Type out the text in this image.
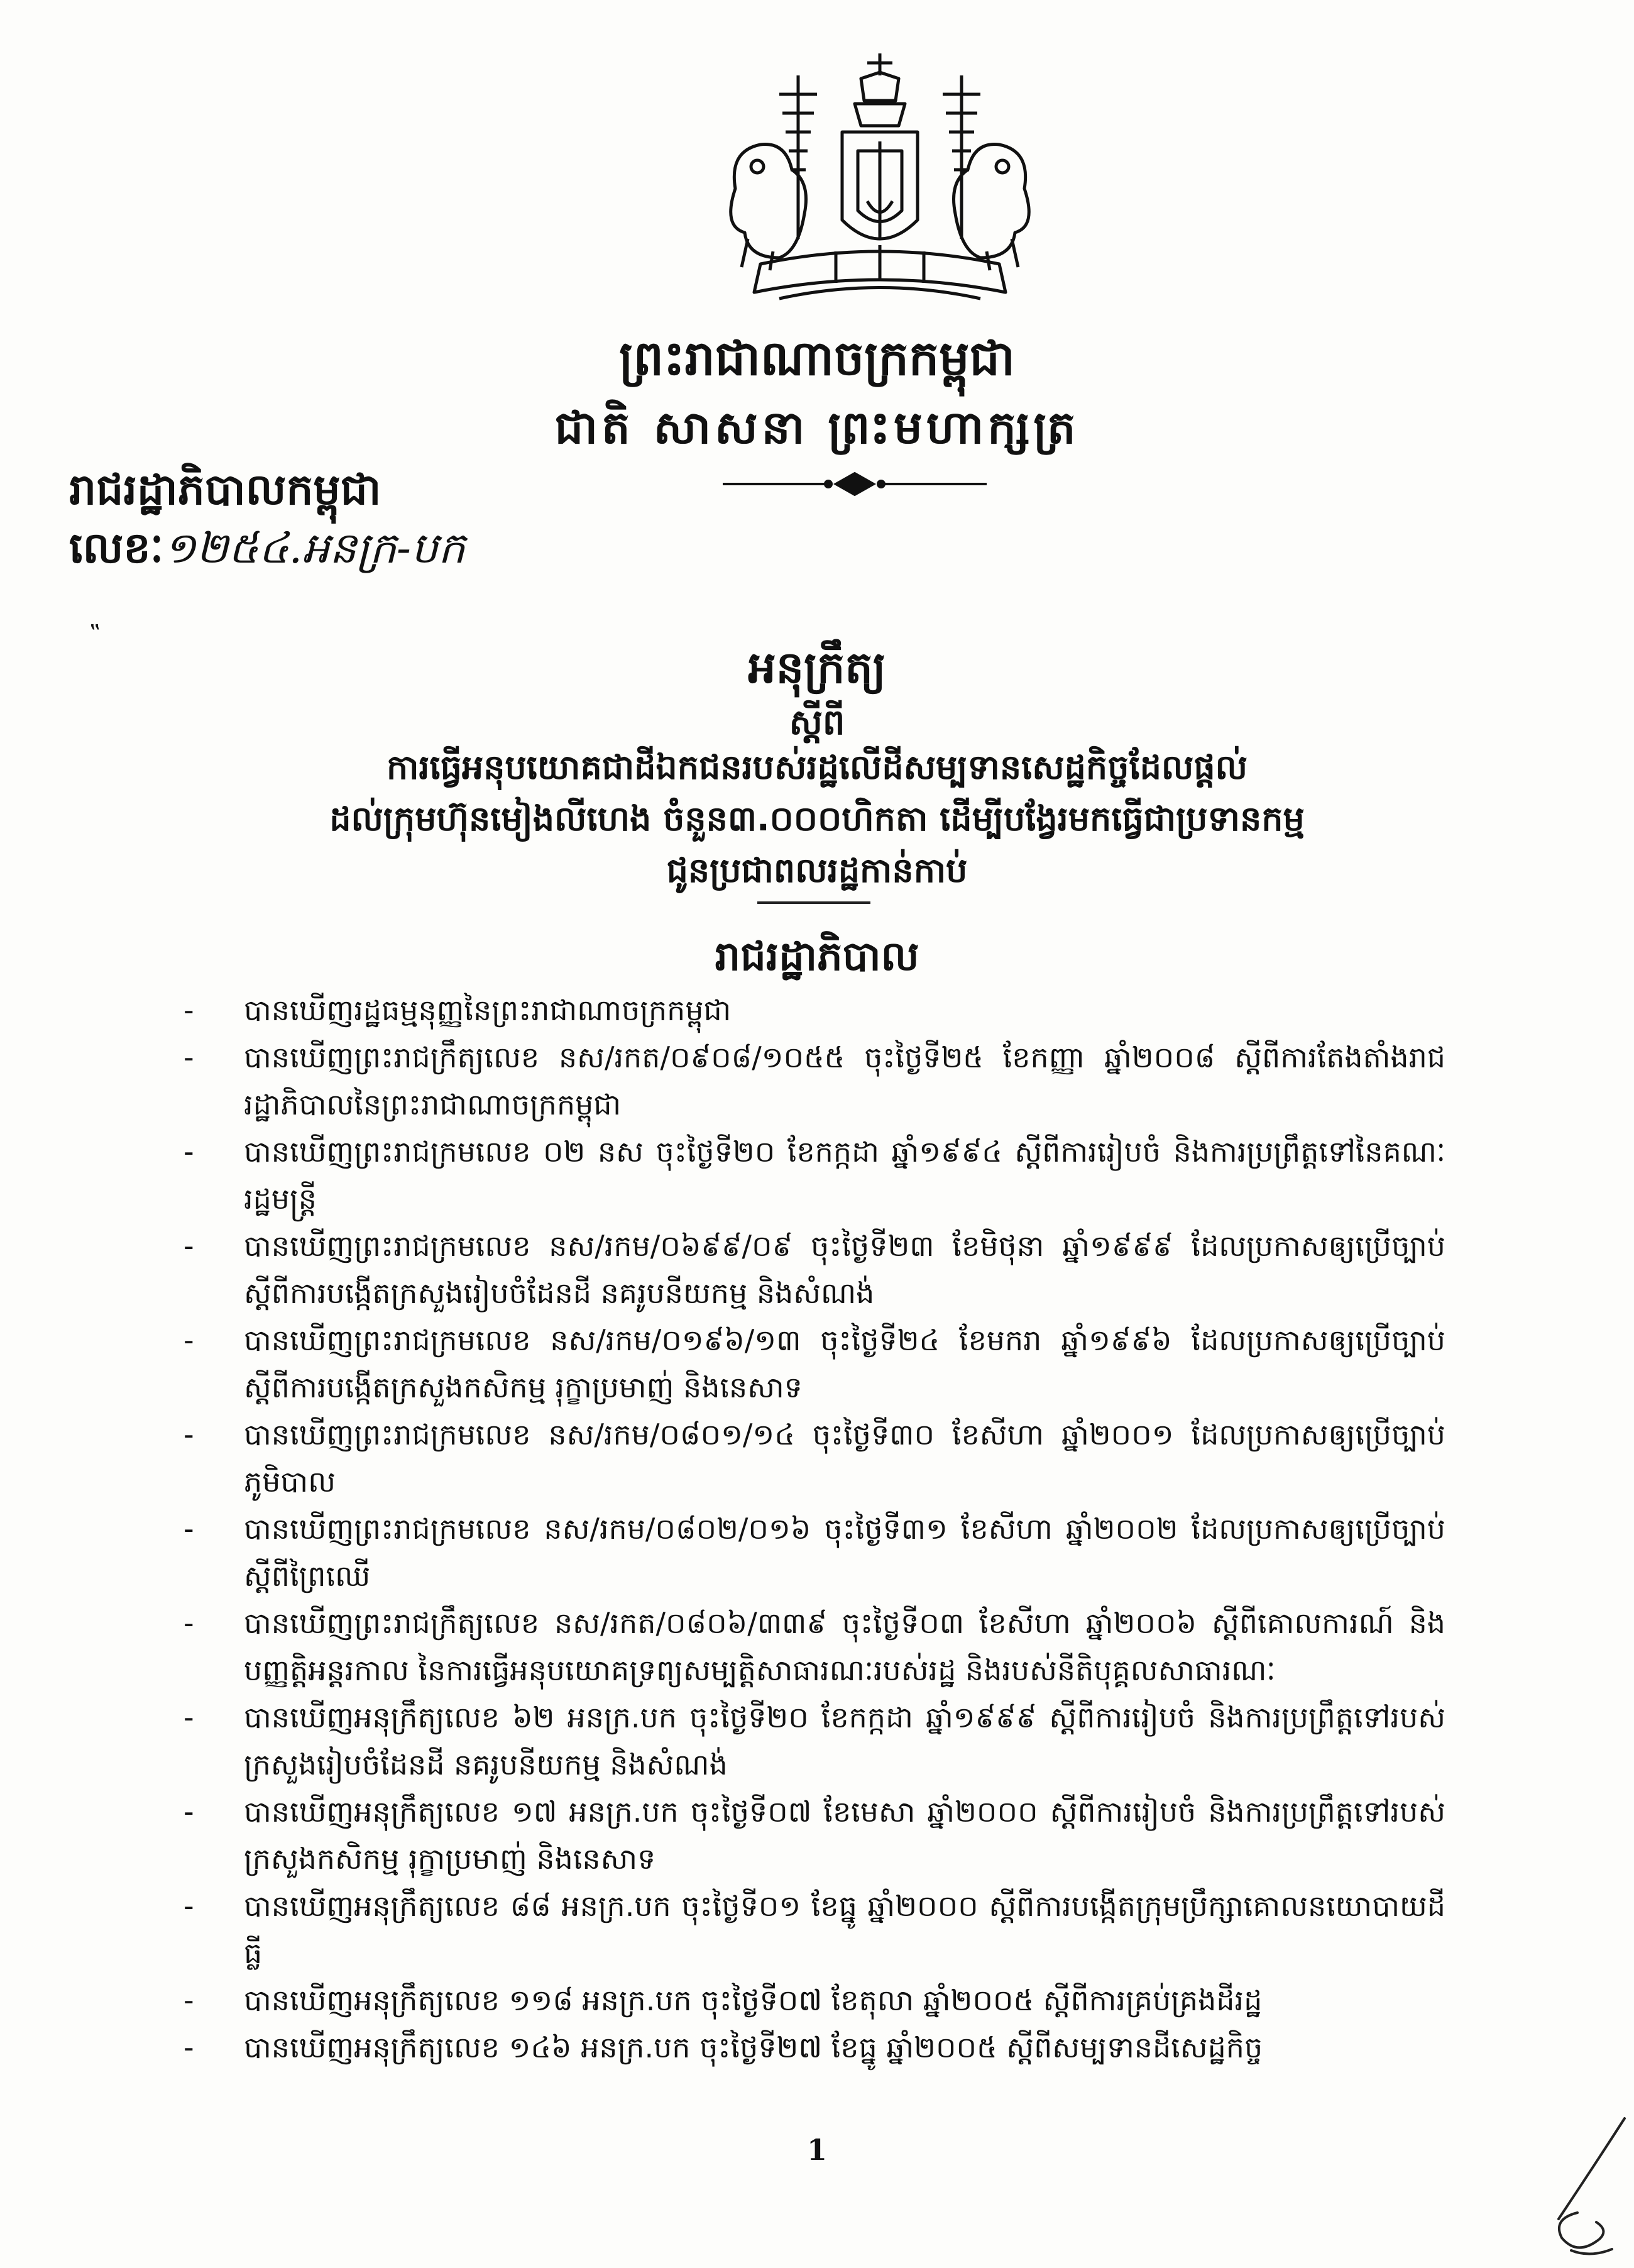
ព្រះរាជាណាចក្រកម្ពុជា
ជាតិ សាសនា ព្រះមហាក្សត្រ
រាជរដ្ឋាភិបាលកម្ពុជា
លេខៈ១២៥៤.អនក្រ-បក
‟
អនុក្រឹត្យ
ស្តីពី
ការធ្វើអនុបយោគជាដីឯកជនរបស់រដ្ឋលើដីសម្បទានសេដ្ឋកិច្ចដែលផ្តល់
ដល់ក្រុមហ៊ុនមៀងលីហេង ចំនួន៣.០០០ហិកតា ដើម្បីបង្វែរមកធ្វើជាប្រទានកម្ម
ជូនប្រជាពលរដ្ឋកាន់កាប់
រាជរដ្ឋាភិបាល
-	បានឃើញរដ្ឋធម្មនុញ្ញនៃព្រះរាជាណាចក្រកម្ពុជា
-	បានឃើញព្រះរាជក្រឹត្យលេខ នស/រកត/០៩០៨/១០៥៥ ចុះថ្ងៃទី២៥ ខែកញ្ញា ឆ្នាំ២០០៨ ស្តីពីការតែងតាំងរាជរដ្ឋាភិបាលនៃព្រះរាជាណាចក្រកម្ពុជា
-	បានឃើញព្រះរាជក្រមលេខ ០២ នស ចុះថ្ងៃទី២០ ខែកក្កដា ឆ្នាំ១៩៩៤ ស្តីពីការរៀបចំ និងការប្រព្រឹត្តទៅនៃគណៈរដ្ឋមន្ត្រី
-	បានឃើញព្រះរាជក្រមលេខ នស/រកម/០៦៩៩/០៩ ចុះថ្ងៃទី២៣ ខែមិថុនា ឆ្នាំ១៩៩៩ ដែលប្រកាសឲ្យប្រើច្បាប់ ស្តីពីការបង្កើតក្រសួងរៀបចំដែនដី នគរូបនីយកម្ម និងសំណង់
-	បានឃើញព្រះរាជក្រមលេខ នស/រកម/០១៩៦/១៣ ចុះថ្ងៃទី២៤ ខែមករា ឆ្នាំ១៩៩៦ ដែលប្រកាសឲ្យប្រើច្បាប់ ស្តីពីការបង្កើតក្រសួងកសិកម្ម រុក្ខាប្រមាញ់ និងនេសាទ
-	បានឃើញព្រះរាជក្រមលេខ នស/រកម/០៨០១/១៤ ចុះថ្ងៃទី៣០ ខែសីហា ឆ្នាំ២០០១ ដែលប្រកាសឲ្យប្រើច្បាប់ភូមិបាល
-	បានឃើញព្រះរាជក្រមលេខ នស/រកម/០៨០២/០១៦ ចុះថ្ងៃទី៣១ ខែសីហា ឆ្នាំ២០០២ ដែលប្រកាសឲ្យប្រើច្បាប់ ស្តីពីព្រៃឈើ
-	បានឃើញព្រះរាជក្រឹត្យលេខ នស/រកត/០៨០៦/៣៣៩ ចុះថ្ងៃទី០៣ ខែសីហា ឆ្នាំ២០០៦ ស្តីពីគោលការណ៍ និងបញ្ញត្តិអន្តរកាល នៃការធ្វើអនុបយោគទ្រព្យសម្បត្តិសាធារណៈរបស់រដ្ឋ និងរបស់នីតិបុគ្គលសាធារណៈ
-	បានឃើញអនុក្រឹត្យលេខ ៦២ អនក្រ.បក ចុះថ្ងៃទី២០ ខែកក្កដា ឆ្នាំ១៩៩៩ ស្តីពីការរៀបចំ និងការប្រព្រឹត្តទៅរបស់ក្រសួងរៀបចំដែនដី នគរូបនីយកម្ម និងសំណង់
-	បានឃើញអនុក្រឹត្យលេខ ១៧ អនក្រ.បក ចុះថ្ងៃទី០៧ ខែមេសា ឆ្នាំ២០០០ ស្តីពីការរៀបចំ និងការប្រព្រឹត្តទៅរបស់ក្រសួងកសិកម្ម រុក្ខាប្រមាញ់ និងនេសាទ
-	បានឃើញអនុក្រឹត្យលេខ ៨៨ អនក្រ.បក ចុះថ្ងៃទី០១ ខែធ្នូ ឆ្នាំ២០០០ ស្តីពីការបង្កើតក្រុមប្រឹក្សាគោលនយោបាយដីធ្លី
-	បានឃើញអនុក្រឹត្យលេខ ១១៨ អនក្រ.បក ចុះថ្ងៃទី០៧ ខែតុលា ឆ្នាំ២០០៥ ស្តីពីការគ្រប់គ្រងដីរដ្ឋ
-	បានឃើញអនុក្រឹត្យលេខ ១៤៦ អនក្រ.បក ចុះថ្ងៃទី២៧ ខែធ្នូ ឆ្នាំ២០០៥ ស្តីពីសម្បទានដីសេដ្ឋកិច្ច
1
